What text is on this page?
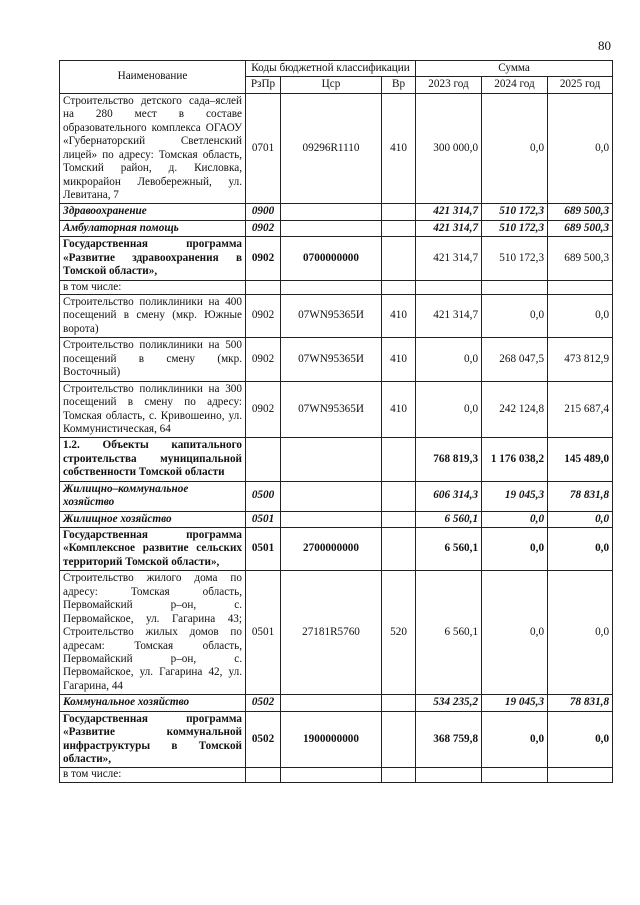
80
Наименование	Коды бюджетной классификации			Сумма		
	РзПр	Цср	Вр	2023 год	2024 год	2025 год
Строительство детского сада–яслей на 280 мест в составе образовательного комплекса ОГАОУ «Губернаторский Светленский лицей» по адресу: Томская область, Томский район, д. Кисловка, микрорайон Левобережный, ул. Левитана, 7	0701	09296R1110	410	300 000,0	0,0	0,0
Здравоохранение	0900			421 314,7	510 172,3	689 500,3
Амбулаторная помощь	0902			421 314,7	510 172,3	689 500,3
Государственная программа «Развитие здравоохранения в Томской области»,	0902	0700000000		421 314,7	510 172,3	689 500,3
в том числе:						
Строительство поликлиники на 400 посещений в смену (мкр. Южные ворота)	0902	07WN95365И	410	421 314,7	0,0	0,0
Строительство поликлиники на 500 посещений в смену (мкр. Восточный)	0902	07WN95365И	410	0,0	268 047,5	473 812,9
Строительство поликлиники на 300 посещений в смену по адресу: Томская область, с. Кривошеино, ул. Коммунистическая, 64	0902	07WN95365И	410	0,0	242 124,8	215 687,4
1.2. Объекты капитального строительства муниципальной собственности Томской области				768 819,3	1 176 038,2	145 489,0
Жилищно–коммунальное хозяйство	0500			606 314,3	19 045,3	78 831,8
Жилищное хозяйство	0501			6 560,1	0,0	0,0
Государственная программа «Комплексное развитие сельских территорий Томской области»,	0501	2700000000		6 560,1	0,0	0,0
Строительство жилого дома по адресу: Томская область, Первомайский р–он, с. Первомайское, ул. Гагарина 43; Строительство жилых домов по адресам: Томская область, Первомайский р–он, с. Первомайское, ул. Гагарина 42, ул. Гагарина, 44	0501	27181R5760	520	6 560,1	0,0	0,0
Коммунальное хозяйство	0502			534 235,2	19 045,3	78 831,8
Государственная программа «Развитие коммунальной инфраструктуры в Томской области»,	0502	1900000000		368 759,8	0,0	0,0
в том числе:						
